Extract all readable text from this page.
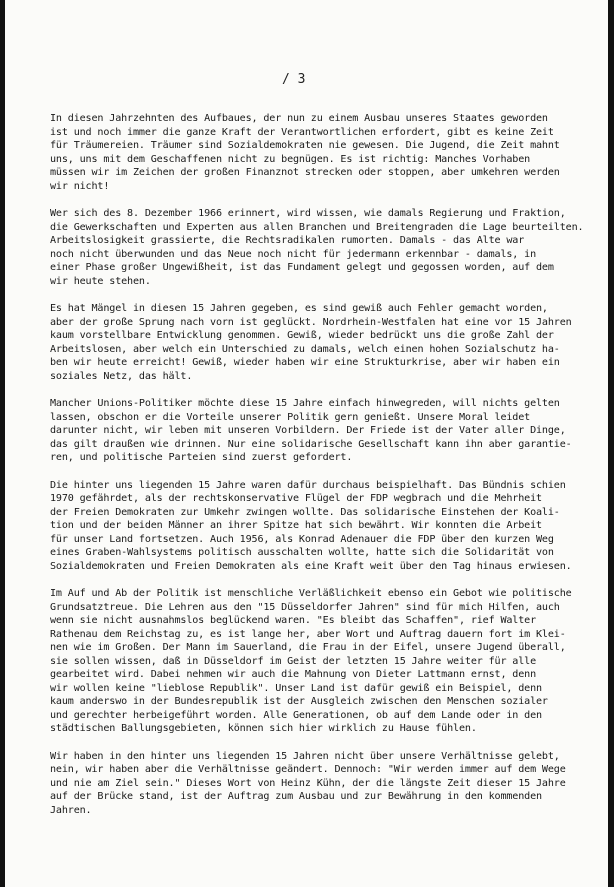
/ 3
In diesen Jahrzehnten des Aufbaues, der nun zu einem Ausbau unseres Staates geworden
ist und noch immer die ganze Kraft der Verantwortlichen erfordert, gibt es keine Zeit
für Träumereien. Träumer sind Sozialdemokraten nie gewesen. Die Jugend, die Zeit mahnt
uns, uns mit dem Geschaffenen nicht zu begnügen. Es ist richtig: Manches Vorhaben
müssen wir im Zeichen der großen Finanznot strecken oder stoppen, aber umkehren werden
wir nicht!
Wer sich des 8. Dezember 1966 erinnert, wird wissen, wie damals Regierung und Fraktion,
die Gewerkschaften und Experten aus allen Branchen und Breitengraden die Lage beurteilten.
Arbeitslosigkeit grassierte, die Rechtsradikalen rumorten. Damals - das Alte war
noch nicht überwunden und das Neue noch nicht für jedermann erkennbar - damals, in
einer Phase großer Ungewißheit, ist das Fundament gelegt und gegossen worden, auf dem
wir heute stehen.
Es hat Mängel in diesen 15 Jahren gegeben, es sind gewiß auch Fehler gemacht worden,
aber der große Sprung nach vorn ist geglückt. Nordrhein-Westfalen hat eine vor 15 Jahren
kaum vorstellbare Entwicklung genommen. Gewiß, wieder bedrückt uns die große Zahl der
Arbeitslosen, aber welch ein Unterschied zu damals, welch einen hohen Sozialschutz ha-
ben wir heute erreicht! Gewiß, wieder haben wir eine Strukturkrise, aber wir haben ein
soziales Netz, das hält.
Mancher Unions-Politiker möchte diese 15 Jahre einfach hinwegreden, will nichts gelten
lassen, obschon er die Vorteile unserer Politik gern genießt. Unsere Moral leidet
darunter nicht, wir leben mit unseren Vorbildern. Der Friede ist der Vater aller Dinge,
das gilt draußen wie drinnen. Nur eine solidarische Gesellschaft kann ihn aber garantie-
ren, und politische Parteien sind zuerst gefordert.
Die hinter uns liegenden 15 Jahre waren dafür durchaus beispielhaft. Das Bündnis schien
1970 gefährdet, als der rechtskonservative Flügel der FDP wegbrach und die Mehrheit
der Freien Demokraten zur Umkehr zwingen wollte. Das solidarische Einstehen der Koali-
tion und der beiden Männer an ihrer Spitze hat sich bewährt. Wir konnten die Arbeit
für unser Land fortsetzen. Auch 1956, als Konrad Adenauer die FDP über den kurzen Weg
eines Graben-Wahlsystems politisch ausschalten wollte, hatte sich die Solidarität von
Sozialdemokraten und Freien Demokraten als eine Kraft weit über den Tag hinaus erwiesen.
Im Auf und Ab der Politik ist menschliche Verläßlichkeit ebenso ein Gebot wie politische
Grundsatztreue. Die Lehren aus den "15 Düsseldorfer Jahren" sind für mich Hilfen, auch
wenn sie nicht ausnahmslos beglückend waren. "Es bleibt das Schaffen", rief Walter
Rathenau dem Reichstag zu, es ist lange her, aber Wort und Auftrag dauern fort im Klei-
nen wie im Großen. Der Mann im Sauerland, die Frau in der Eifel, unsere Jugend überall,
sie sollen wissen, daß in Düsseldorf im Geist der letzten 15 Jahre weiter für alle
gearbeitet wird. Dabei nehmen wir auch die Mahnung von Dieter Lattmann ernst, denn
wir wollen keine "lieblose Republik". Unser Land ist dafür gewiß ein Beispiel, denn
kaum anderswo in der Bundesrepublik ist der Ausgleich zwischen den Menschen sozialer
und gerechter herbeigeführt worden. Alle Generationen, ob auf dem Lande oder in den
städtischen Ballungsgebieten, können sich hier wirklich zu Hause fühlen.
Wir haben in den hinter uns liegenden 15 Jahren nicht über unsere Verhältnisse gelebt,
nein, wir haben aber die Verhältnisse geändert. Dennoch: "Wir werden immer auf dem Wege
und nie am Ziel sein." Dieses Wort von Heinz Kühn, der die längste Zeit dieser 15 Jahre
auf der Brücke stand, ist der Auftrag zum Ausbau und zur Bewährung in den kommenden
Jahren.
